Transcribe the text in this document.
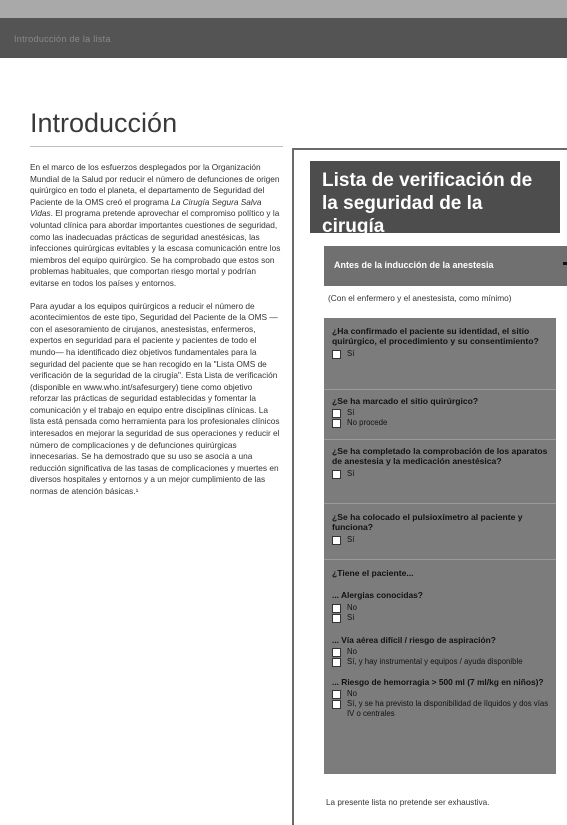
Introducción de la lista
Introducción

En el marco de los esfuerzos desplegados por la Organización Mundial de la Salud por reducir el número de defunciones de origen quirúrgico en todo el planeta, el departamento de Seguridad del Paciente de la OMS creó el programa La Cirugía Segura Salva Vidas. El programa pretende aprovechar el compromiso político y la voluntad clínica para abordar importantes cuestiones de seguridad, como las inadecuadas prácticas de seguridad anestésicas, las infecciones quirúrgicas evitables y la escasa comunicación entre los miembros del equipo quirúrgico. Se ha comprobado que estos son problemas habituales, que comportan riesgo mortal y podrían evitarse en todos los países y entornos.

Para ayudar a los equipos quirúrgicos a reducir el número de acontecimientos de este tipo, Seguridad del Paciente de la OMS —con el asesoramiento de cirujanos, anestesistas, enfermeros, expertos en seguridad para el paciente y pacientes de todo el mundo— ha identificado diez objetivos fundamentales para la seguridad del paciente que se han recogido en la "Lista OMS de verificación de la seguridad de la cirugía". Esta Lista de verificación (disponible en www.who.int/safesurgery) tiene como objetivo reforzar las prácticas de seguridad establecidas y fomentar la comunicación y el trabajo en equipo entre disciplinas clínicas. La lista está pensada como herramienta para los profesionales clínicos interesados en mejorar la seguridad de sus operaciones y reducir el número de complicaciones y de defunciones quirúrgicas innecesarias. Se ha demostrado que su uso se asocia a una reducción significativa de las tasas de complicaciones y muertes en diversos hospitales y entornos y a un mejor cumplimiento de las normas de atención básicas.¹

Lista de verificación de la seguridad de la cirugía
Antes de la inducción de la anestesia
(Con el enfermero y el anestesista, como mínimo)
¿Ha confirmado el paciente su identidad, el sitio quirúrgico, el procedimiento y su consentimiento?
Sí
¿Se ha marcado el sitio quirúrgico?
Sí
No procede
¿Se ha completado la comprobación de los aparatos de anestesia y la medicación anestésica?
Sí
¿Se ha colocado el pulsioxímetro al paciente y funciona?
Sí
¿Tiene el paciente...
... Alergias conocidas?
No
Sí
... Vía aérea difícil / riesgo de aspiración?
No
Sí, y hay instrumental y equipos / ayuda disponible
... Riesgo de hemorragia > 500 ml (7 ml/kg en niños)?
No
Sí, y se ha previsto la disponibilidad de líquidos y dos vías IV o centrales
La presente lista no pretende ser exhaustiva.
